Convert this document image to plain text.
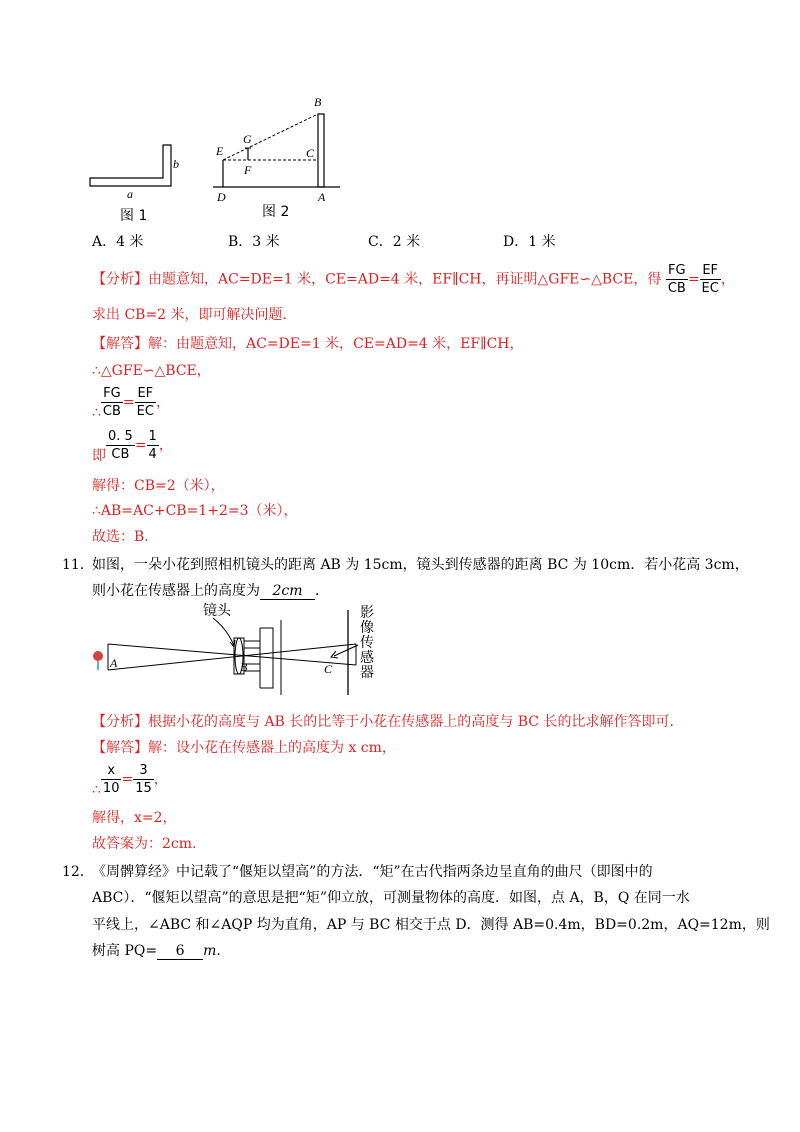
a
b
图 1
B
G
E	C
F
D	A
图 2
A．4 米	B．3 米	C．2 米	D．1 米
【分析】由题意知，AC=DE=1 米，CE=AD=4 米，EF∥CH，再证明△GFE∽△BCE，得 $\frac{FG}{CB} = \frac{EF}{EC}$ ，
求出 CB=2 米，即可解决问题.
【解答】解：由题意知，AC=DE=1 米，CE=AD=4 米，EF∥CH，
∴△GFE∽△BCE，
∴ $\frac{FG}{CB} = \frac{EF}{EC}$ ，
即 $\frac{0. 5}{CB} = \frac{1}{4}$ ，
解得：CB=2（米），
∴AB=AC+CB=1+2=3（米），
故选：B.
11．
如图，一朵小花到照相机镜头的距离 AB 为 15cm，镜头到传感器的距离 BC 为 10cm．若小花高 3cm，
则小花在传感器上的高度为 2cm ．
镜头
A	B	C
影像传感器
【分析】根据小花的高度与 AB 长的比等于小花在传感器上的高度与 BC 长的比求解作答即可.
【解答】解：设小花在传感器上的高度为 x cm，
∴ $\frac{x}{10} = \frac{3}{15}$ ，
解得，x=2，
故答案为：2cm.
12．
《周髀算经》中记载了“偃矩以望高”的方法．“矩”在古代指两条边呈直角的曲尺（即图中的
ABC）．“偃矩以望高”的意思是把“矩”仰立放，可测量物体的高度．如图，点 A，B，Q 在同一水
平线上，∠ABC 和∠AQP 均为直角，AP 与 BC 相交于点 D．测得 AB=0.4m，BD=0.2m，AQ=12m，则
树高 PQ= 6 m.
